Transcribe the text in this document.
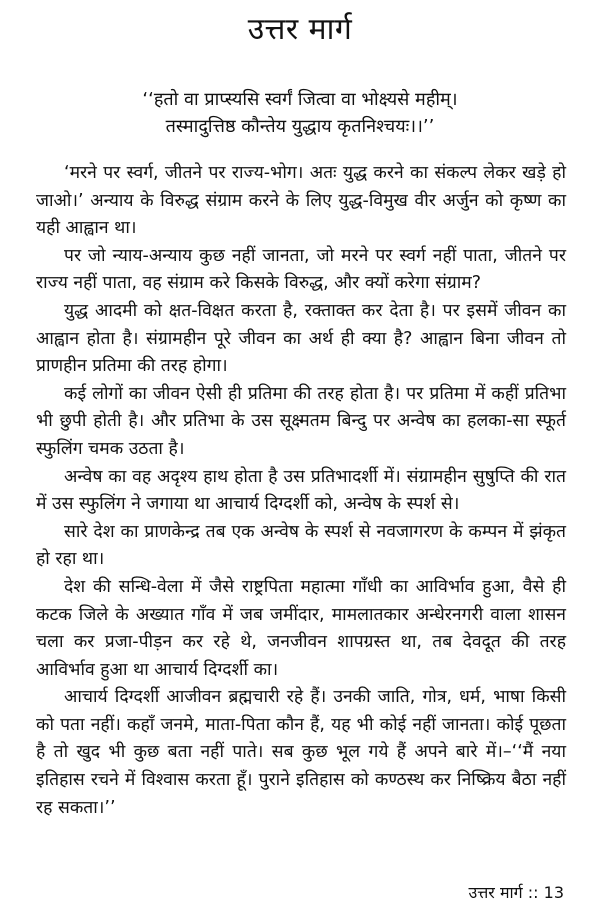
उत्तर मार्ग
‘‘हतो वा प्राप्स्यसि स्वर्गं जित्वा वा भोक्ष्यसे महीम्।
तस्मादुत्तिष्ठ कौन्तेय युद्धाय कृतनिश्चयः।।’’

‘मरने पर स्वर्ग, जीतने पर राज्य-भोग। अतः युद्ध करने का संकल्प लेकर खड़े हो जाओ।’ अन्याय के विरुद्ध संग्राम करने के लिए युद्ध-विमुख वीर अर्जुन को कृष्ण का यही आह्वान था।

पर जो न्याय-अन्याय कुछ नहीं जानता, जो मरने पर स्वर्ग नहीं पाता, जीतने पर राज्य नहीं पाता, वह संग्राम करे किसके विरुद्ध, और क्यों करेगा संग्राम?

युद्ध आदमी को क्षत-विक्षत करता है, रक्ताक्त कर देता है। पर इसमें जीवन का आह्वान होता है। संग्रामहीन पूरे जीवन का अर्थ ही क्या है? आह्वान बिना जीवन तो प्राणहीन प्रतिमा की तरह होगा।

कई लोगों का जीवन ऐसी ही प्रतिमा की तरह होता है। पर प्रतिमा में कहीं प्रतिभा भी छुपी होती है। और प्रतिभा के उस सूक्ष्मतम बिन्दु पर अन्वेष का हलका-सा स्फूर्त स्फुलिंग चमक उठता है।

अन्वेष का वह अदृश्य हाथ होता है उस प्रतिभादर्शी में। संग्रामहीन सुषुप्ति की रात में उस स्फुलिंग ने जगाया था आचार्य दिग्दर्शी को, अन्वेष के स्पर्श से।

सारे देश का प्राणकेन्द्र तब एक अन्वेष के स्पर्श से नवजागरण के कम्पन में झंकृत हो रहा था।

देश की सन्धि-वेला में जैसे राष्ट्रपिता महात्मा गाँधी का आविर्भाव हुआ, वैसे ही कटक जिले के अख्यात गाँव में जब जमींदार, मामलातकार अन्धेरनगरी वाला शासन चला कर प्रजा-पीड़न कर रहे थे, जनजीवन शापग्रस्त था, तब देवदूत की तरह आविर्भाव हुआ था आचार्य दिग्दर्शी का।

आचार्य दिग्दर्शी आजीवन ब्रह्मचारी रहे हैं। उनकी जाति, गोत्र, धर्म, भाषा किसी को पता नहीं। कहाँ जनमे, माता-पिता कौन हैं, यह भी कोई नहीं जानता। कोई पूछता है तो खुद भी कुछ बता नहीं पाते। सब कुछ भूल गये हैं अपने बारे में।–‘‘मैं नया इतिहास रचने में विश्वास करता हूँ। पुराने इतिहास को कण्ठस्थ कर निष्क्रिय बैठा नहीं रह सकता।’’

उत्तर मार्ग :: 13
